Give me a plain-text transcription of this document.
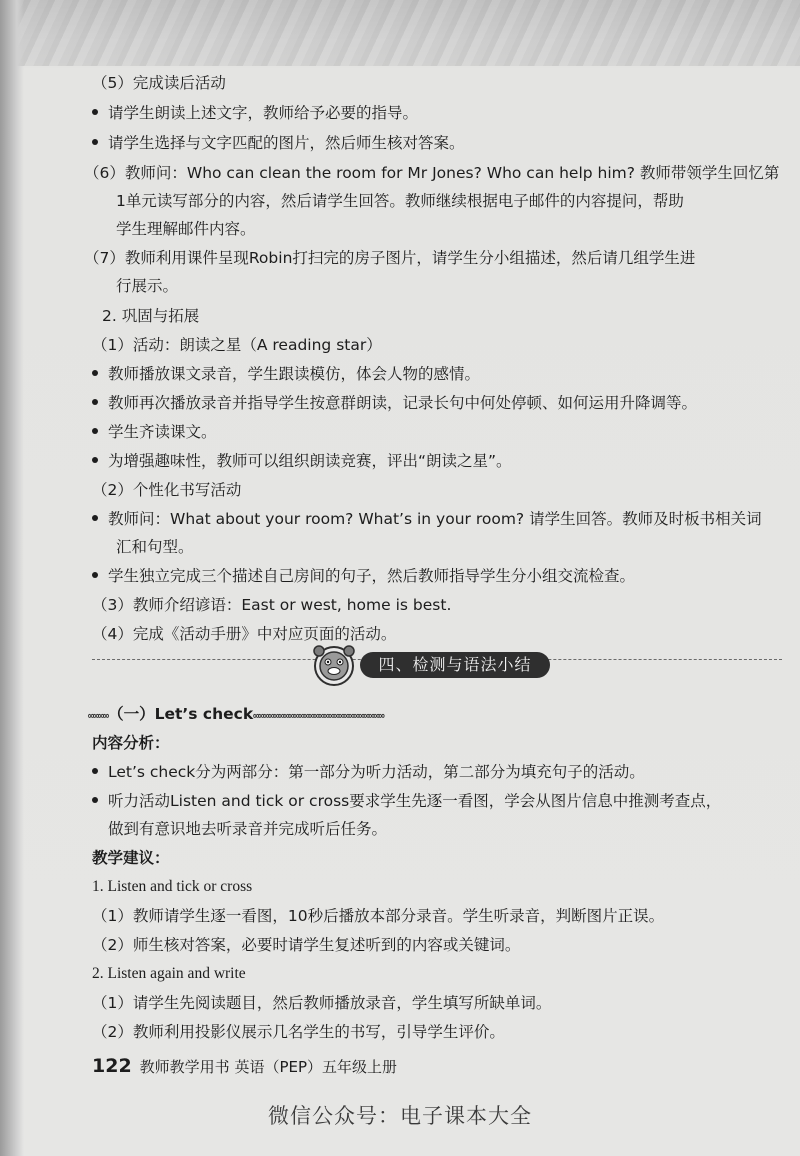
（5）完成读后活动
请学生朗读上述文字，教师给予必要的指导。
请学生选择与文字匹配的图片，然后师生核对答案。
（6）教师问：Who can clean the room for Mr Jones? Who can help him? 教师带领学生回忆第
1单元读写部分的内容，然后请学生回答。教师继续根据电子邮件的内容提问，帮助
学生理解邮件内容。
（7）教师利用课件呈现Robin打扫完的房子图片，请学生分小组描述，然后请几组学生进
行展示。
2. 巩固与拓展
（1）活动：朗读之星（A reading star）
教师播放课文录音，学生跟读模仿，体会人物的感情。
教师再次播放录音并指导学生按意群朗读，记录长句中何处停顿、如何运用升降调等。
学生齐读课文。
为增强趣味性，教师可以组织朗读竞赛，评出“朗读之星”。
（2）个性化书写活动
教师问：What about your room? What’s in your room? 请学生回答。教师及时板书相关词
汇和句型。
学生独立完成三个描述自己房间的句子，然后教师指导学生分小组交流检查。
（3）教师介绍谚语：East or west, home is best.
（4）完成《活动手册》中对应页面的活动。
∞∞∞∞（一）Let’s check∞∞∞∞∞∞∞∞∞∞∞∞∞∞∞∞∞∞∞∞∞∞∞∞∞∞
内容分析：
Let’s check分为两部分：第一部分为听力活动，第二部分为填充句子的活动。
听力活动Listen and tick or cross要求学生先逐一看图，学会从图片信息中推测考查点，
做到有意识地去听录音并完成听后任务。
教学建议：
1. Listen and tick or cross
（1）教师请学生逐一看图，10秒后播放本部分录音。学生听录音，判断图片正误。
（2）师生核对答案，必要时请学生复述听到的内容或关键词。
2. Listen again and write
（1）请学生先阅读题目，然后教师播放录音，学生填写所缺单词。
（2）教师利用投影仪展示几名学生的书写，引导学生评价。
四、检测与语法小结
122 教师教学用书 英语（PEP）五年级上册
微信公众号：电子课本大全
